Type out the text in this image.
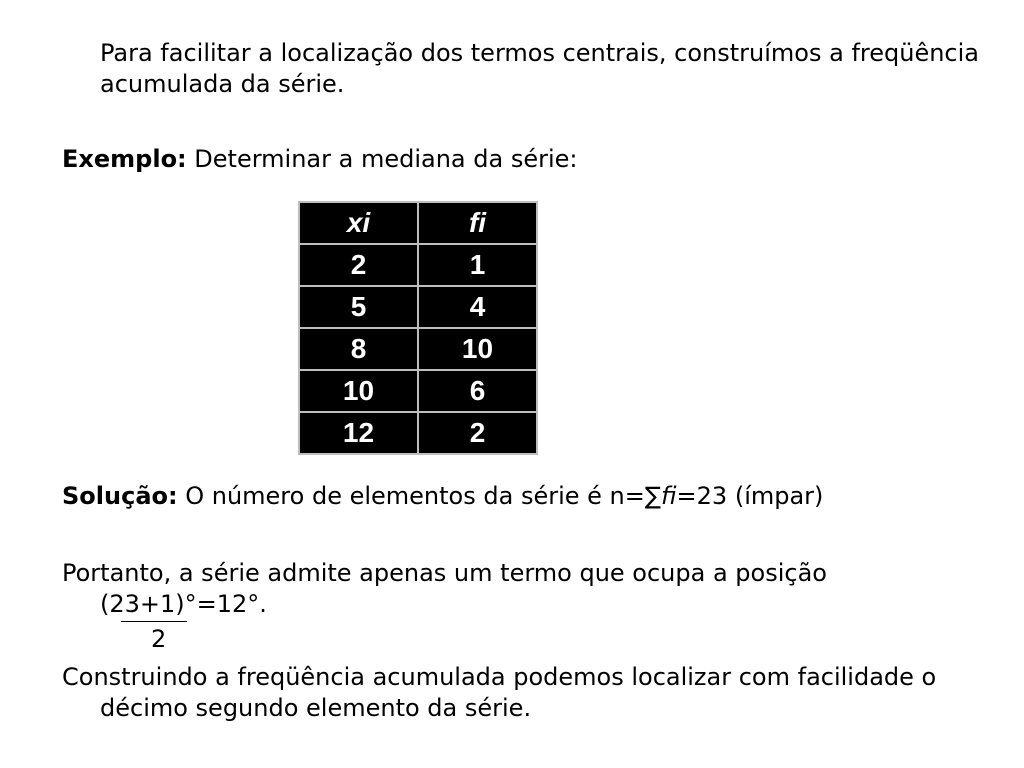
Para facilitar a localização dos termos centrais, construímos a freqüência acumulada da série.

Exemplo: Determinar a mediana da série:

xi	fi
2	1
5	4
8	10
10	6
12	2

Solução: O número de elementos da série é n=∑fi=23 (ímpar)

Portanto, a série admite apenas um termo que ocupa a posição
(23+1)°=12°.

2

Construindo a freqüência acumulada podemos localizar com facilidade o décimo segundo elemento da série.
